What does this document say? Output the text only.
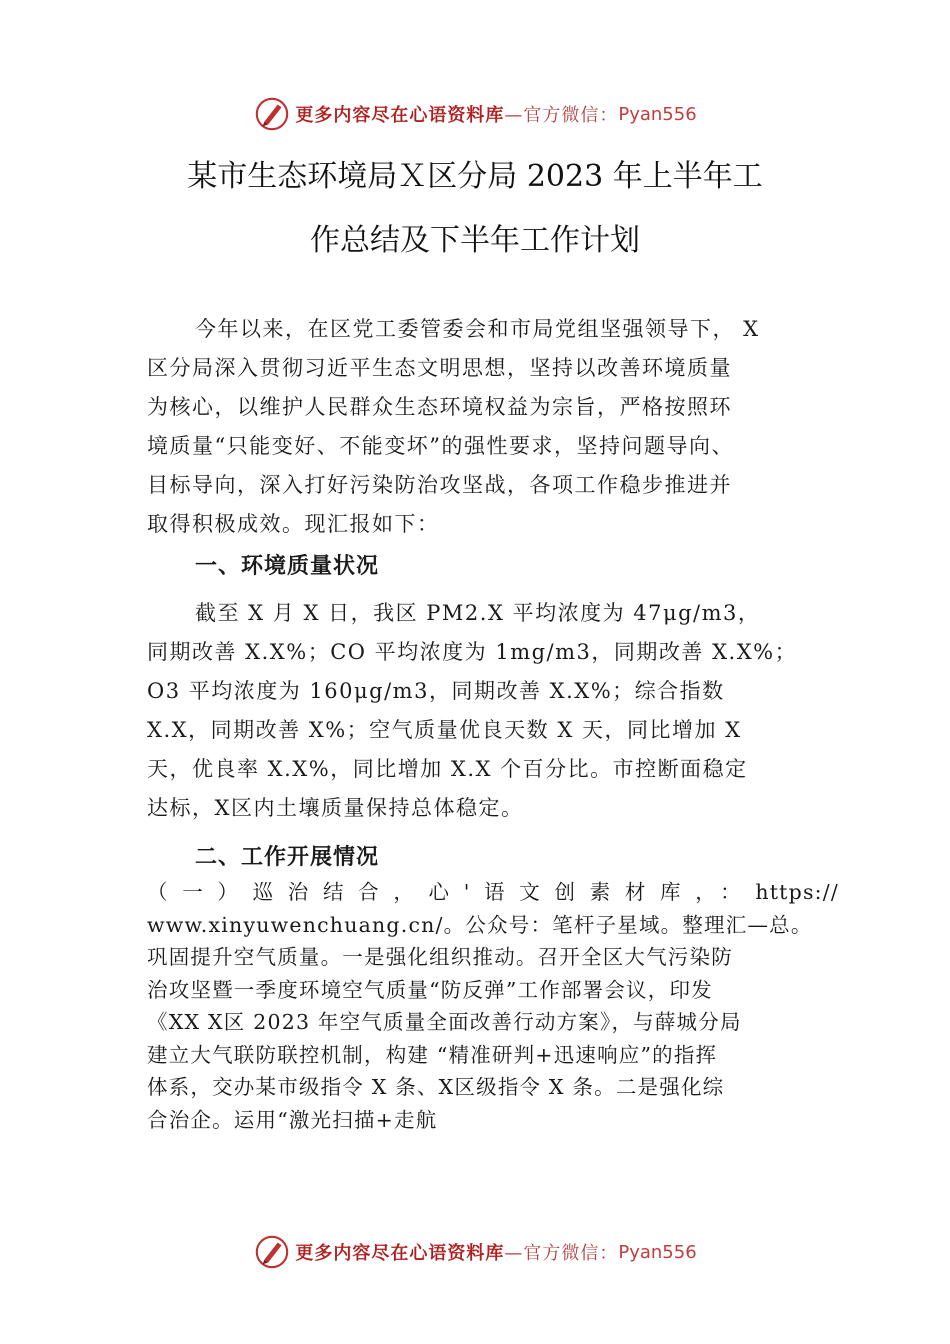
更多内容尽在心语资料库 —官方微信： Pyan556
某市生态环境局Ｘ区分局 2023 年上半年工
作总结及下半年工作计划
今年以来，在区党工委管委会和市局党组坚强领导下， X
区分局深入贯彻习近平生态文明思想，坚持以改善环境质量
为核心，以维护人民群众生态环境权益为宗旨，严格按照环
境质量“只能变好、不能变坏”的强性要求，坚持问题导向、
目标导向，深入打好污染防治攻坚战，各项工作稳步推进并
取得积极成效。现汇报如下：
一、环境质量状况
截至 X 月 X 日，我区 PM2.X 平均浓度为 47μg/m3，
同期改善 X.X%；CO 平均浓度为 1mg/m3，同期改善 X.X%；
O3 平均浓度为 160μg/m3，同期改善 X.X%；综合指数
X.X，同期改善 X%；空气质量优良天数 X 天，同比增加 X
天，优良率 X.X%，同比增加 X.X 个百分比。市控断面稳定
达标，X区内土壤质量保持总体稳定。
二、工作开展情况
（一）巡治结合，心'语文创素材库，：https://
www.xinyuwenchuang.cn/。公众号：笔杆子星域。整理汇—总。
巩固提升空气质量。一是强化组织推动。召开全区大气污染防
治攻坚暨一季度环境空气质量“防反弹”工作部署会议，印发
《XX X区 2023 年空气质量全面改善行动方案》，与薛城分局
建立大气联防联控机制，构建 “精准研判+迅速响应”的指挥
体系，交办某市级指令 X 条、X区级指令 X 条。二是强化综
合治企。运用“激光扫描+走航
更多内容尽在心语资料库 —官方微信： Pyan556
